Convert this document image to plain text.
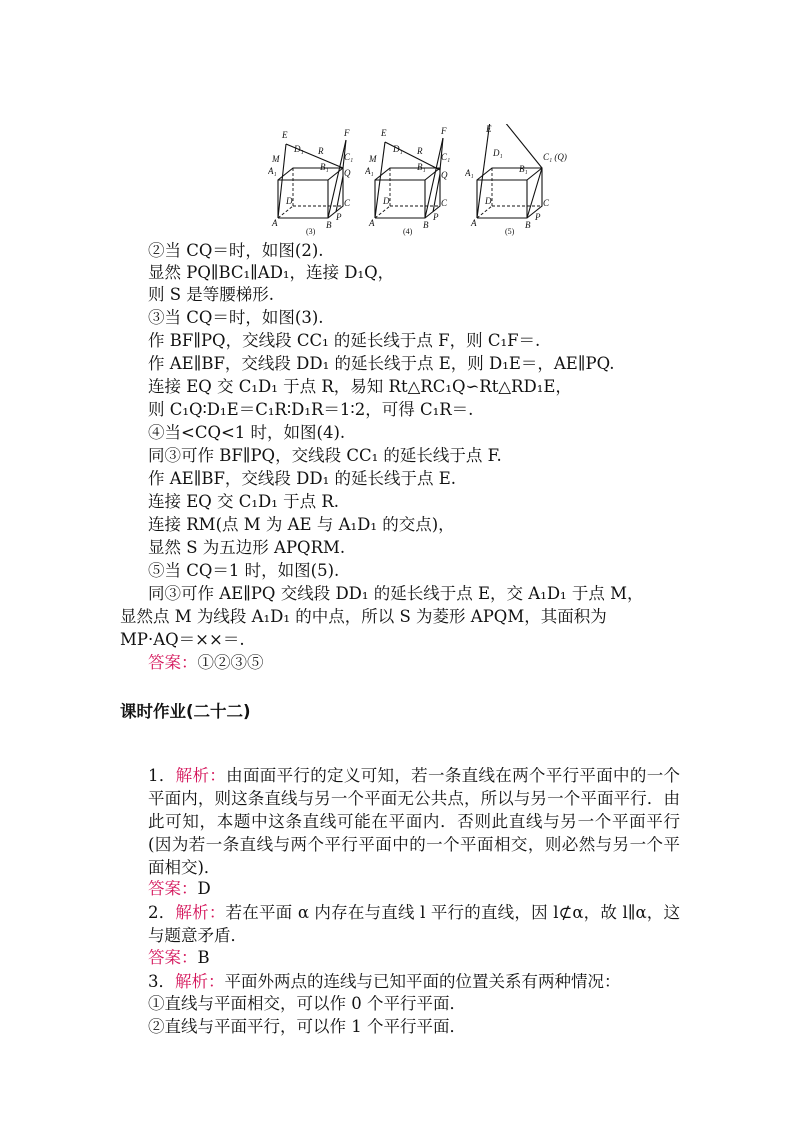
E	F
M
D₁ R
C₁
A₁	B₁
Q
D	C
A	B
P
(3)
E	F
M
D₁ R
C₁
A₁	B₁
Q
D	C
A	B
P
(4)
E
D₁	C₁ (Q)
A₁	B₁
D	C
A	B
P
(5)
②当 CQ＝时，如图(2).
显然 PQ∥BC₁∥AD₁，连接 D₁Q，
则 S 是等腰梯形.
③当 CQ＝时，如图(3).
作 BF∥PQ，交线段 CC₁ 的延长线于点 F，则 C₁F＝.
作 AE∥BF，交线段 DD₁ 的延长线于点 E，则 D₁E＝，AE∥PQ.
连接 EQ 交 C₁D₁ 于点 R，易知 Rt△RC₁Q∽Rt△RD₁E，
则 C₁Q∶D₁E＝C₁R∶D₁R＝1∶2，可得 C₁R＝.
④当<CQ<1 时，如图(4).
同③可作 BF∥PQ，交线段 CC₁ 的延长线于点 F.
作 AE∥BF，交线段 DD₁ 的延长线于点 E.
连接 EQ 交 C₁D₁ 于点 R.
连接 RM(点 M 为 AE 与 A₁D₁ 的交点)，
显然 S 为五边形 APQRM.
⑤当 CQ＝1 时，如图(5).
同③可作 AE∥PQ 交线段 DD₁ 的延长线于点 E，交 A₁D₁ 于点 M，
显然点 M 为线段 A₁D₁ 的中点，所以 S 为菱形 APQM，其面积为
MP·AQ＝××＝.
答案：①②③⑤
课时作业(二十二)
1．解析：由面面平行的定义可知，若一条直线在两个平行平面中的一个平面内，则这条直线与另一个平面无公共点，所以与另一个平面平行．由此可知，本题中这条直线可能在平面内．否则此直线与另一个平面平行(因为若一条直线与两个平行平面中的一个平面相交，则必然与另一个平面相交)．
答案：D
2．解析：若在平面 α 内存在与直线 l 平行的直线，因 l⊄α，故 l∥α，这与题意矛盾．
答案：B
3．解析：平面外两点的连线与已知平面的位置关系有两种情况：
①直线与平面相交，可以作 0 个平行平面．
②直线与平面平行，可以作 1 个平行平面．
